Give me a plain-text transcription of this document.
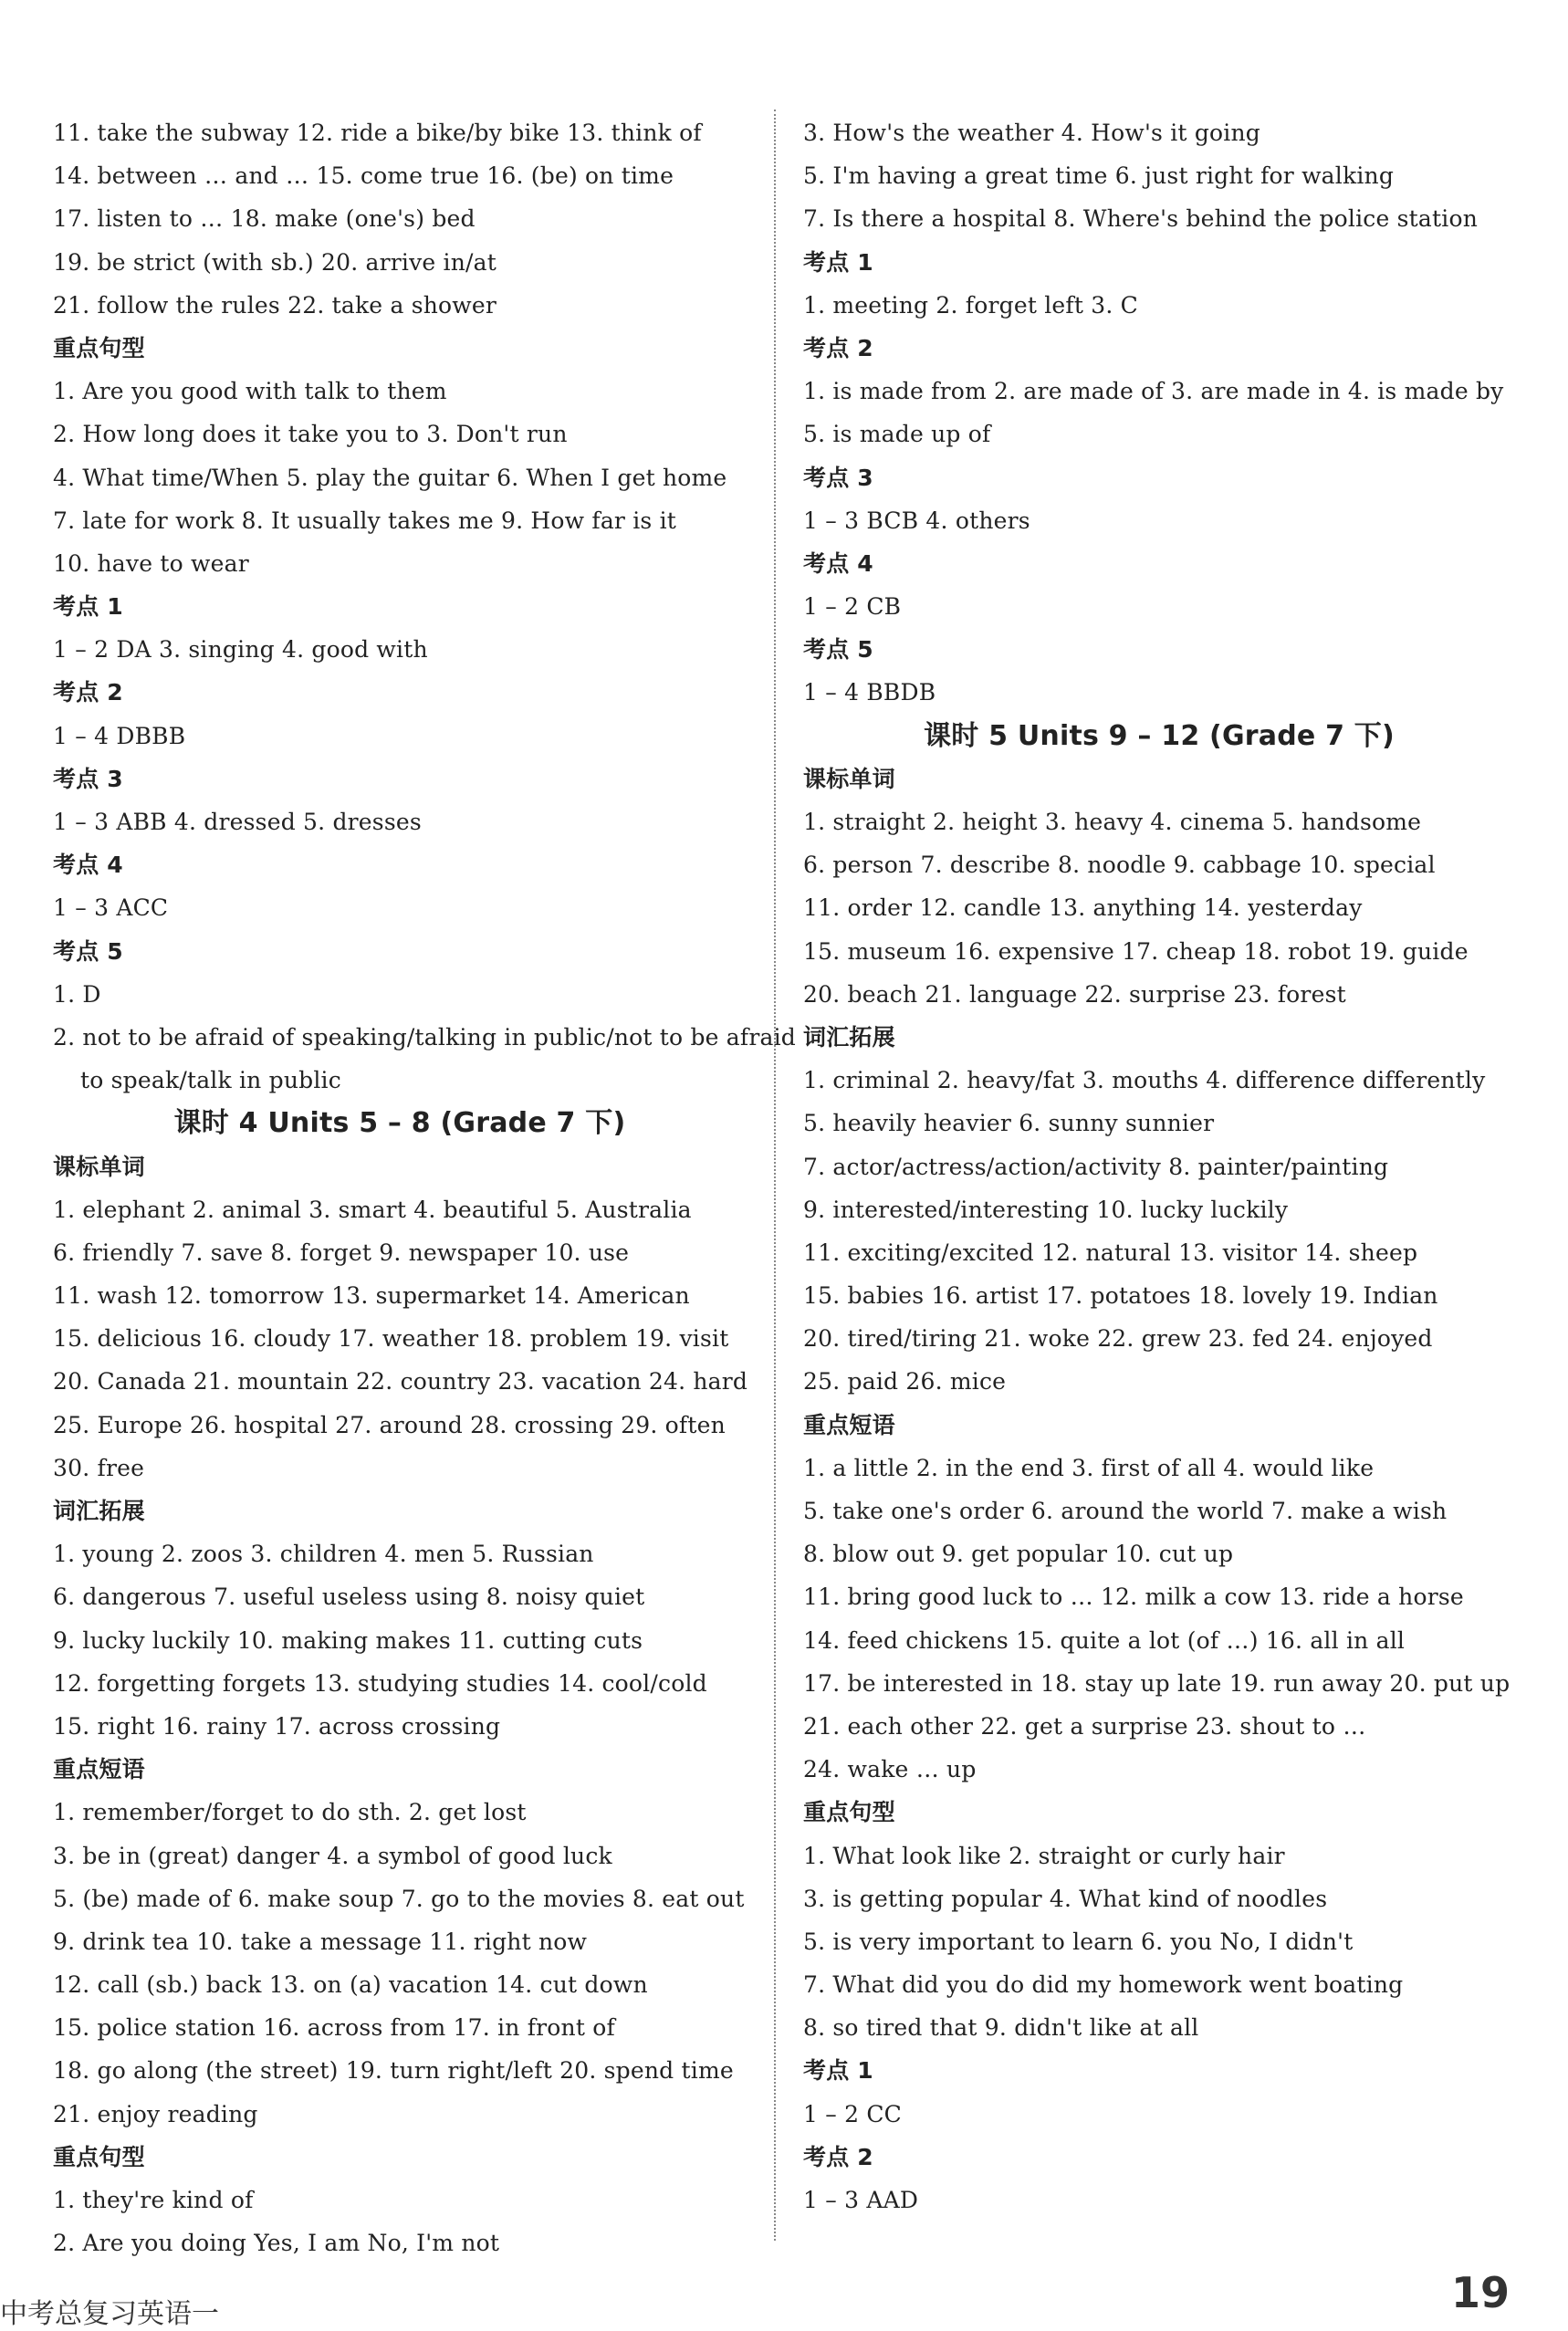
11. take the subway 12. ride a bike/by bike 13. think of
14. between … and … 15. come true 16. (be) on time
17. listen to … 18. make (one's) bed
19. be strict (with sb.) 20. arrive in/at
21. follow the rules 22. take a shower
重点句型
1. Are you good with talk to them
2. How long does it take you to 3. Don't run
4. What time/When 5. play the guitar 6. When I get home
7. late for work 8. It usually takes me 9. How far is it
10. have to wear
考点 1
1 – 2 DA 3. singing 4. good with
考点 2
1 – 4 DBBB
考点 3
1 – 3 ABB 4. dressed 5. dresses
考点 4
1 – 3 ACC
考点 5
1. D
2. not to be afraid of speaking/talking in public/not to be afraid
to speak/talk in public
课时 4 Units 5 – 8 (Grade 7 下)
课标单词
1. elephant 2. animal 3. smart 4. beautiful 5. Australia
6. friendly 7. save 8. forget 9. newspaper 10. use
11. wash 12. tomorrow 13. supermarket 14. American
15. delicious 16. cloudy 17. weather 18. problem 19. visit
20. Canada 21. mountain 22. country 23. vacation 24. hard
25. Europe 26. hospital 27. around 28. crossing 29. often
30. free
词汇拓展
1. young 2. zoos 3. children 4. men 5. Russian
6. dangerous 7. useful useless using 8. noisy quiet
9. lucky luckily 10. making makes 11. cutting cuts
12. forgetting forgets 13. studying studies 14. cool/cold
15. right 16. rainy 17. across crossing
重点短语
1. remember/forget to do sth. 2. get lost
3. be in (great) danger 4. a symbol of good luck
5. (be) made of 6. make soup 7. go to the movies 8. eat out
9. drink tea 10. take a message 11. right now
12. call (sb.) back 13. on (a) vacation 14. cut down
15. police station 16. across from 17. in front of
18. go along (the street) 19. turn right/left 20. spend time
21. enjoy reading
重点句型
1. they're kind of
2. Are you doing Yes, I am No, I'm not
3. How's the weather 4. How's it going
5. I'm having a great time 6. just right for walking
7. Is there a hospital 8. Where's behind the police station
考点 1
1. meeting 2. forget left 3. C
考点 2
1. is made from 2. are made of 3. are made in 4. is made by
5. is made up of
考点 3
1 – 3 BCB 4. others
考点 4
1 – 2 CB
考点 5
1 – 4 BBDB
课时 5 Units 9 – 12 (Grade 7 下)
课标单词
1. straight 2. height 3. heavy 4. cinema 5. handsome
6. person 7. describe 8. noodle 9. cabbage 10. special
11. order 12. candle 13. anything 14. yesterday
15. museum 16. expensive 17. cheap 18. robot 19. guide
20. beach 21. language 22. surprise 23. forest
词汇拓展
1. criminal 2. heavy/fat 3. mouths 4. difference differently
5. heavily heavier 6. sunny sunnier
7. actor/actress/action/activity 8. painter/painting
9. interested/interesting 10. lucky luckily
11. exciting/excited 12. natural 13. visitor 14. sheep
15. babies 16. artist 17. potatoes 18. lovely 19. Indian
20. tired/tiring 21. woke 22. grew 23. fed 24. enjoyed
25. paid 26. mice
重点短语
1. a little 2. in the end 3. first of all 4. would like
5. take one's order 6. around the world 7. make a wish
8. blow out 9. get popular 10. cut up
11. bring good luck to … 12. milk a cow 13. ride a horse
14. feed chickens 15. quite a lot (of …) 16. all in all
17. be interested in 18. stay up late 19. run away 20. put up
21. each other 22. get a surprise 23. shout to …
24. wake … up
重点句型
1. What look like 2. straight or curly hair
3. is getting popular 4. What kind of noodles
5. is very important to learn 6. you No, I didn't
7. What did you do did my homework went boating
8. so tired that 9. didn't like at all
考点 1
1 – 2 CC
考点 2
1 – 3 AAD
中考总复习英语一	19
